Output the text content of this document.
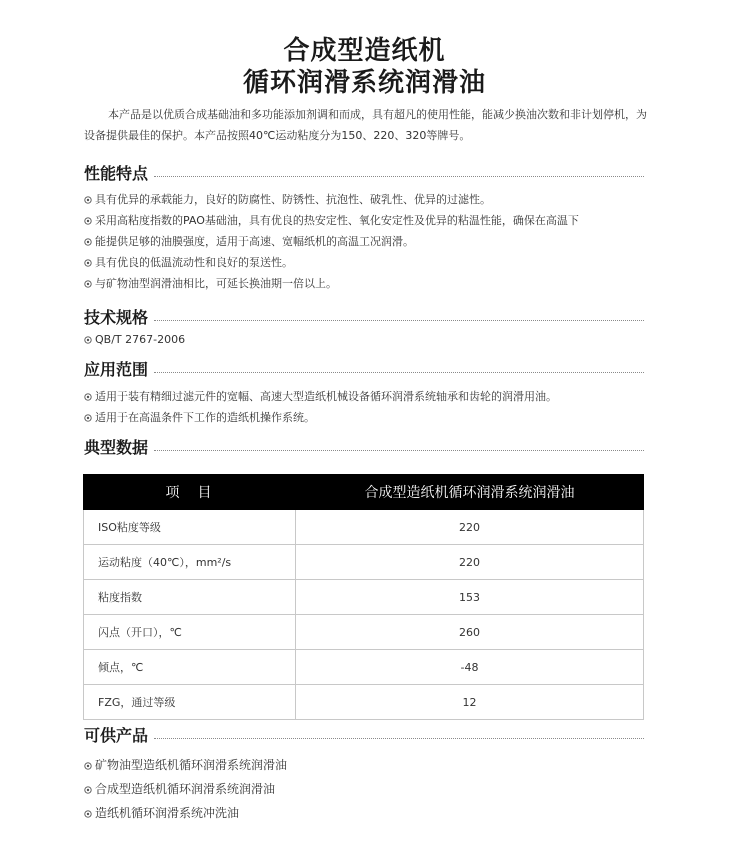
合成型造纸机
循环润滑系统润滑油
本产品是以优质合成基础油和多功能添加剂调和而成，具有超凡的使用性能，能减少换油次数和非计划停机，为
设备提供最佳的保护。本产品按照40℃运动粘度分为150、220、320等牌号。
性能特点
具有优异的承载能力，良好的防腐性、防锈性、抗泡性、破乳性、优异的过滤性。
采用高粘度指数的PAO基础油，具有优良的热安定性、氧化安定性及优异的粘温性能，确保在高温下
能提供足够的油膜强度，适用于高速、宽幅纸机的高温工况润滑。
具有优良的低温流动性和良好的泵送性。
与矿物油型润滑油相比，可延长换油期一倍以上。
技术规格
QB/T 2767-2006
应用范围
适用于装有精细过滤元件的宽幅、高速大型造纸机械设备循环润滑系统轴承和齿轮的润滑用油。
适用于在高温条件下工作的造纸机操作系统。
典型数据
项　目	合成型造纸机循环润滑系统润滑油
ISO粘度等级	220
运动粘度（40℃），mm²/s	220
粘度指数	153
闪点（开口），℃	260
倾点，℃	-48
FZG，通过等级	12
可供产品
矿物油型造纸机循环润滑系统润滑油
合成型造纸机循环润滑系统润滑油
造纸机循环润滑系统冲洗油
